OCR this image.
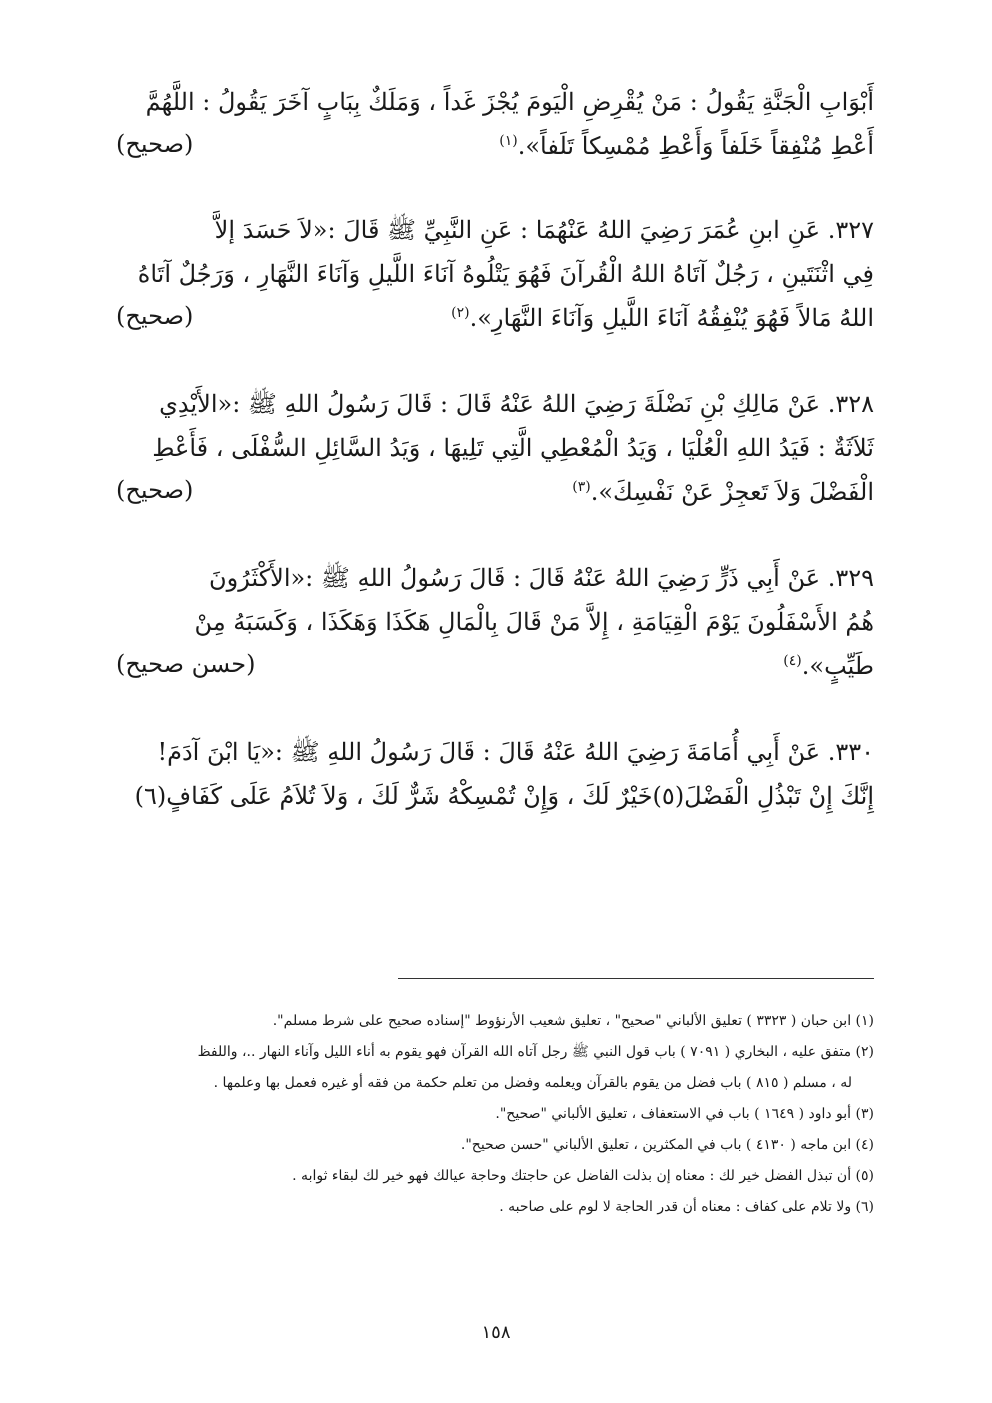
أَبْوَابِ الْجَنَّةِ يَقُولُ : مَنْ يُقْرِضِ الْيَومَ يُجْزَ غَداً ، وَمَلَكٌ بِبَابٍ آخَرَ يَقُولُ : اللَّهُمَّ
أَعْطِ مُنْفِقاً خَلَفاً وَأَعْطِ مُمْسِكاً تَلَفاً».$^{(١)}$
(صحيح)
٣٢٧. عَنِ ابنِ عُمَرَ رَضِيَ اللهُ عَنْهُمَا : عَنِ النَّبِيِّ ﷺ قَالَ :«لاَ حَسَدَ إلاَّ
فِي اثْنَتَينِ ، رَجُلٌ آتَاهُ اللهُ الْقُرآنَ فَهُوَ يَتْلُوهُ آنَاءَ اللَّيلِ وَآنَاءَ النَّهَارِ ، وَرَجُلٌ آتَاهُ
اللهُ مَالاً فَهُوَ يُنْفِقُهُ آنَاءَ اللَّيلِ وَآنَاءَ النَّهَارِ».$^{(٢)}$
(صحيح)
٣٢٨. عَنْ مَالِكِ بْنِ نَضْلَةَ رَضِيَ اللهُ عَنْهُ قَالَ : قَالَ رَسُولُ اللهِ ﷺ :«الأَيْدِي
ثَلاَثَةٌ : فَيَدُ اللهِ الْعُلْيَا ، وَيَدُ الْمُعْطِي الَّتِي تَلِيهَا ، وَيَدُ السَّائِلِ السُّفْلَى ، فَأَعْطِ
الْفَضْلَ وَلاَ تَعجِزْ عَنْ نَفْسِكَ».$^{(٣)}$
(صحيح)
٣٢٩. عَنْ أَبِي ذَرٍّ رَضِيَ اللهُ عَنْهُ قَالَ : قَالَ رَسُولُ اللهِ ﷺ :«الأَكْثَرُونَ
هُمُ الأَسْفَلُونَ يَوْمَ الْقِيَامَةِ ، إِلاَّ مَنْ قَالَ بِالْمَالِ هَكَذَا وَهَكَذَا ، وَكَسَبَهُ مِنْ
طَيِّبٍ».$^{(٤)}$
(حسن صحيح)
٣٣٠. عَنْ أَبِي أُمَامَةَ رَضِيَ اللهُ عَنْهُ قَالَ : قَالَ رَسُولُ اللهِ ﷺ :«يَا ابْنَ آدَمَ!
إِنَّكَ إِنْ تَبْذُلِ الْفَضْلَ(٥)خَيْرٌ لَكَ ، وَإِنْ تُمْسِكْهُ شَرٌّ لَكَ ، وَلاَ تُلاَمُ عَلَى كَفَافٍ(٦)
(١) ابن حبان ( ٣٣٢٣ ) تعليق الألباني "صحيح" ، تعليق شعيب الأرنؤوط "إسناده صحيح على شرط مسلم".
(٢) متفق عليه ، البخاري ( ٧٠٩١ ) باب قول النبي ﷺ رجل آتاه الله القرآن فهو يقوم به أناء الليل وآناء النهار ..، واللفظ
له ، مسلم ( ٨١٥ ) باب فضل من يقوم بالقرآن ويعلمه وفضل من تعلم حكمة من فقه أو غيره فعمل بها وعلمها .
(٣) أبو داود ( ١٦٤٩ ) باب في الاستعفاف ، تعليق الألباني "صحيح".
(٤) ابن ماجه ( ٤١٣٠ ) باب في المكثرين ، تعليق الألباني "حسن صحيح".
(٥) أن تبذل الفضل خير لك : معناه إن بذلت الفاضل عن حاجتك وحاجة عيالك فهو خير لك لبقاء ثوابه .
(٦) ولا تلام على كفاف : معناه أن قدر الحاجة لا لوم على صاحبه .
١٥٨
